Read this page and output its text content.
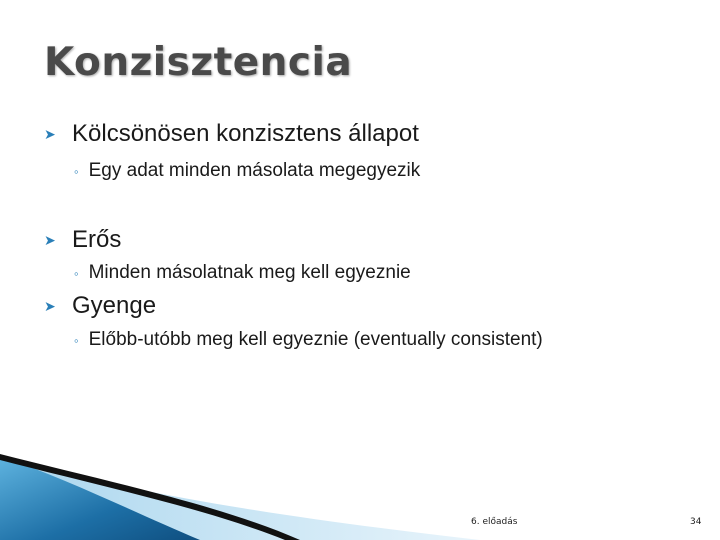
Konzisztencia
➤ Kölcsönösen konzisztens állapot
◦ Egy adat minden másolata megegyezik
➤ Erős
◦ Minden másolatnak meg kell egyeznie
➤ Gyenge
◦ Előbb-utóbb meg kell egyeznie (eventually consistent)
6. előadás	34
